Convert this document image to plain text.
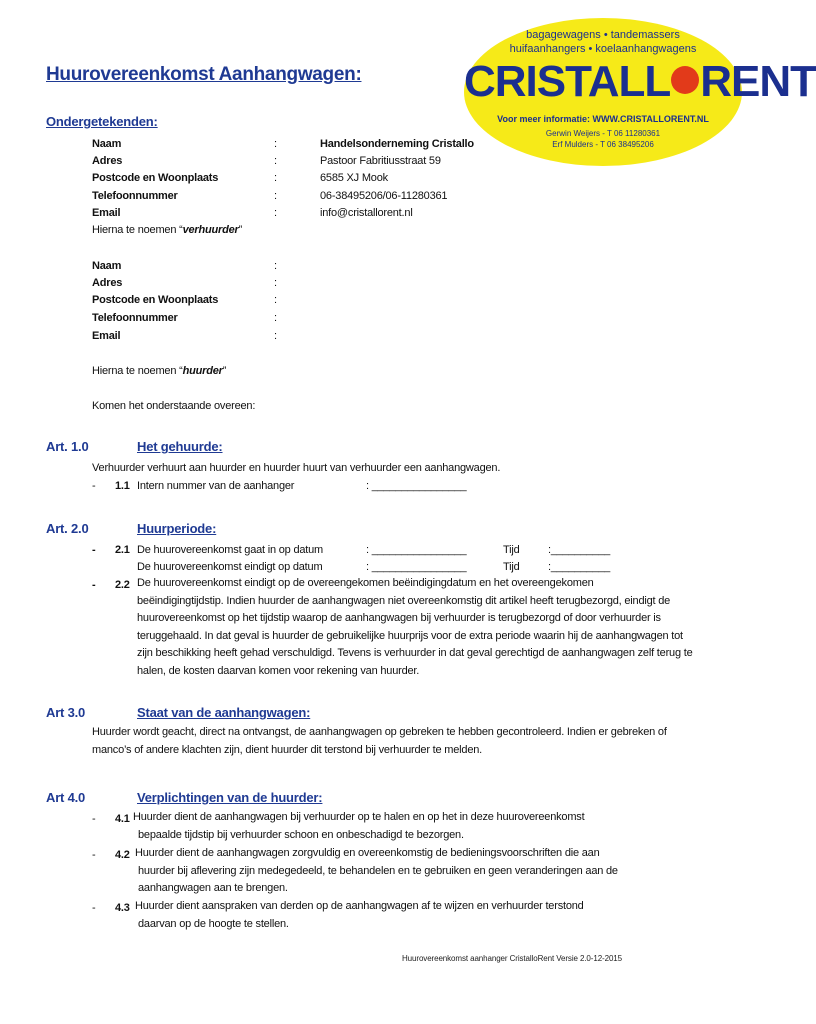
bagagewagens • tandemassers
huifaanhangers • koelaanhangwagens
CRISTALL RENT
Voor meer informatie: WWW.CRISTALLORENT.NL
Gerwin Weijers - T 06 11280361
Erf Mulders - T 06 38495206
Huurovereenkomst Aanhangwagen:
Ondergetekenden:
Naam	:	Handelsonderneming Cristallo
Adres	:	Pastoor Fabritiusstraat 59
Postcode en Woonplaats	:	6585 XJ Mook
Telefoonnummer	:	06-38495206/06-11280361
Email	:	info@cristallorent.nl
Hierna te noemen “verhuurder”
Naam	:
Adres	:
Postcode en Woonplaats	:
Telefoonnummer	:
Email	:
Hierna te noemen “huurder”
Komen het onderstaande overeen:
Art. 1.0	Het gehuurde:
Verhuurder verhuurt aan huurder en huurder huurt van verhuurder een aanhangwagen.
- 1.1 Intern nummer van de aanhanger	: ________________
Art. 2.0	Huurperiode:
- 2.1 De huurovereenkomst gaat in op datum	: ________________	Tijd	:__________
De huurovereenkomst eindigt op datum	: ________________	Tijd	:__________
- 2.2 De huurovereenkomst eindigt op de overeengekomen beëindigingdatum en het overeengekomen
beëindigingtijdstip. Indien huurder de aanhangwagen niet overeenkomstig dit artikel heeft terugbezorgd, eindigt de
huurovereenkomst op het tijdstip waarop de aanhangwagen bij verhuurder is terugbezorgd of door verhuurder is
teruggehaald. In dat geval is huurder de gebruikelijke huurprijs voor de extra periode waarin hij de aanhangwagen tot
zijn beschikking heeft gehad verschuldigd. Tevens is verhuurder in dat geval gerechtigd de aanhangwagen zelf terug te
halen, de kosten daarvan komen voor rekening van huurder.
Art 3.0	Staat van de aanhangwagen:
Huurder wordt geacht, direct na ontvangst, de aanhangwagen op gebreken te hebben gecontroleerd. Indien er gebreken of
manco’s of andere klachten zijn, dient huurder dit terstond bij verhuurder te melden.
Art 4.0	Verplichtingen van de huurder:
- 4.1 Huurder dient de aanhangwagen bij verhuurder op te halen en op het in deze huurovereenkomst
bepaalde tijdstip bij verhuurder schoon en onbeschadigd te bezorgen.
- 4.2 Huurder dient de aanhangwagen zorgvuldig en overeenkomstig de bedieningsvoorschriften die aan
huurder bij aflevering zijn medegedeeld, te behandelen en te gebruiken en geen veranderingen aan de
aanhangwagen aan te brengen.
- 4.3 Huurder dient aanspraken van derden op de aanhangwagen af te wijzen en verhuurder terstond
daarvan op de hoogte te stellen.
Huurovereenkomst aanhanger CristalloRent Versie 2.0-12-2015
